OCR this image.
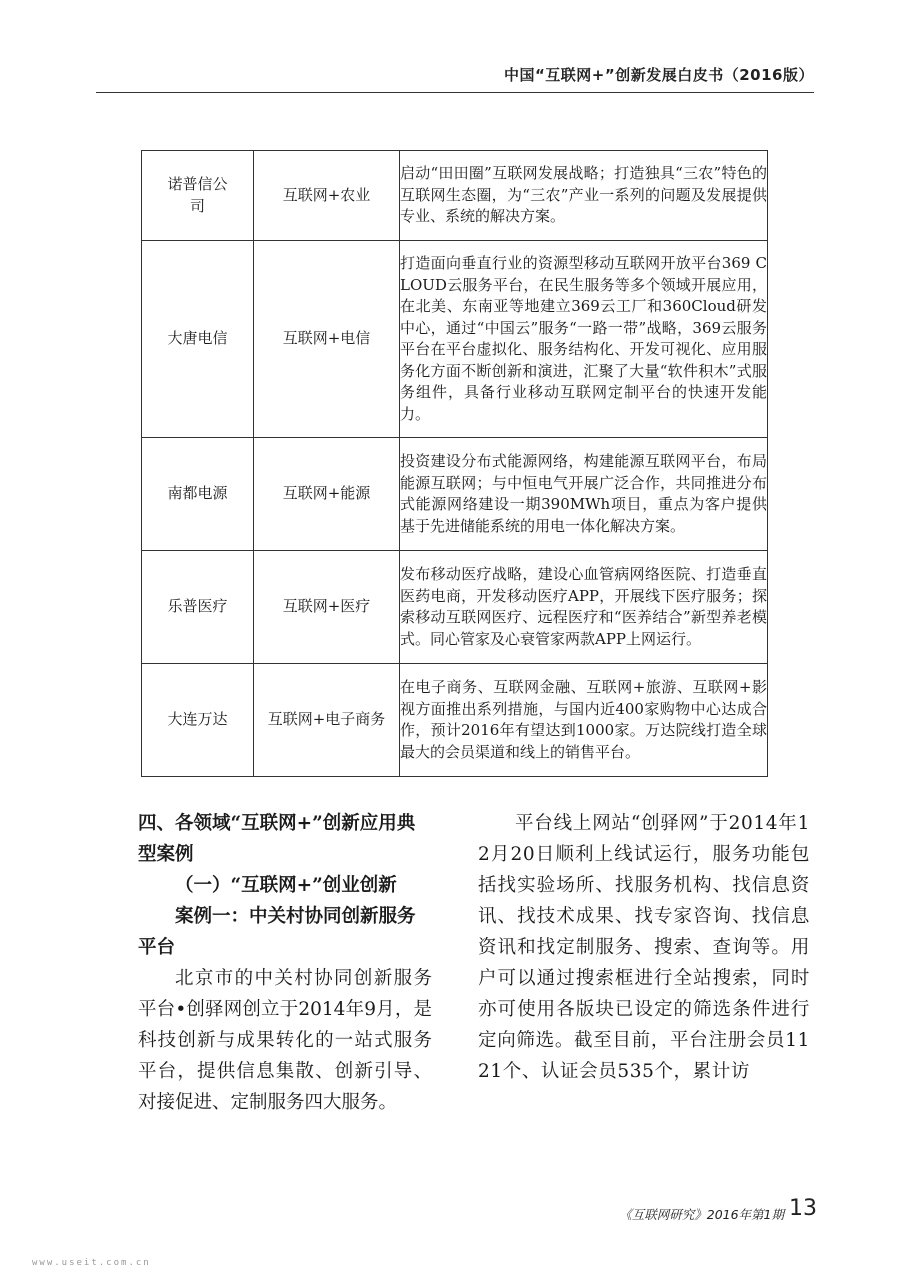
中国“互联网+”创新发展白皮书（2016版）
诺普信公司	互联网+农业	启动“田田圈”互联网发展战略；打造独具“三农”特色的互联网生态圈，为“三农”产业一系列的问题及发展提供专业、系统的解决方案。
大唐电信	互联网+电信	打造面向垂直行业的资源型移动互联网开放平台369 CLOUD云服务平台，在民生服务等多个领域开展应用，在北美、东南亚等地建立369云工厂和360Cloud研发中心，通过“中国云”服务“一路一带”战略，369云服务平台在平台虚拟化、服务结构化、开发可视化、应用服务化方面不断创新和演进，汇聚了大量“软件积木”式服务组件，具备行业移动互联网定制平台的快速开发能力。
南都电源	互联网+能源	投资建设分布式能源网络，构建能源互联网平台，布局能源互联网；与中恒电气开展广泛合作，共同推进分布式能源网络建设一期390MWh项目，重点为客户提供基于先进储能系统的用电一体化解决方案。
乐普医疗	互联网+医疗	发布移动医疗战略，建设心血管病网络医院、打造垂直医药电商，开发移动医疗APP，开展线下医疗服务；探索移动互联网医疗、远程医疗和“医养结合”新型养老模式。同心管家及心衰管家两款APP上网运行。
大连万达	互联网+电子商务	在电子商务、互联网金融、互联网+旅游、互联网+影视方面推出系列措施，与国内近400家购物中心达成合作，预计2016年有望达到1000家。万达院线打造全球最大的会员渠道和线上的销售平台。

四、各领域“互联网+”创新应用典型案例

（一）“互联网+”创业创新

案例一：中关村协同创新服务平台

北京市的中关村协同创新服务平台•创驿网创立于2014年9月，是科技创新与成果转化的一站式服务平台，提供信息集散、创新引导、对接促进、定制服务四大服务。

平台线上网站“创驿网”于2014年12月20日顺利上线试运行，服务功能包括找实验场所、找服务机构、找信息资讯、找技术成果、找专家咨询、找信息资讯和找定制服务、搜索、查询等。用户可以通过搜索框进行全站搜索，同时亦可使用各版块已设定的筛选条件进行定向筛选。截至目前，平台注册会员1121个、认证会员535个，累计访

《互联网研究》2016年第1期 13
www.useit.com.cn
